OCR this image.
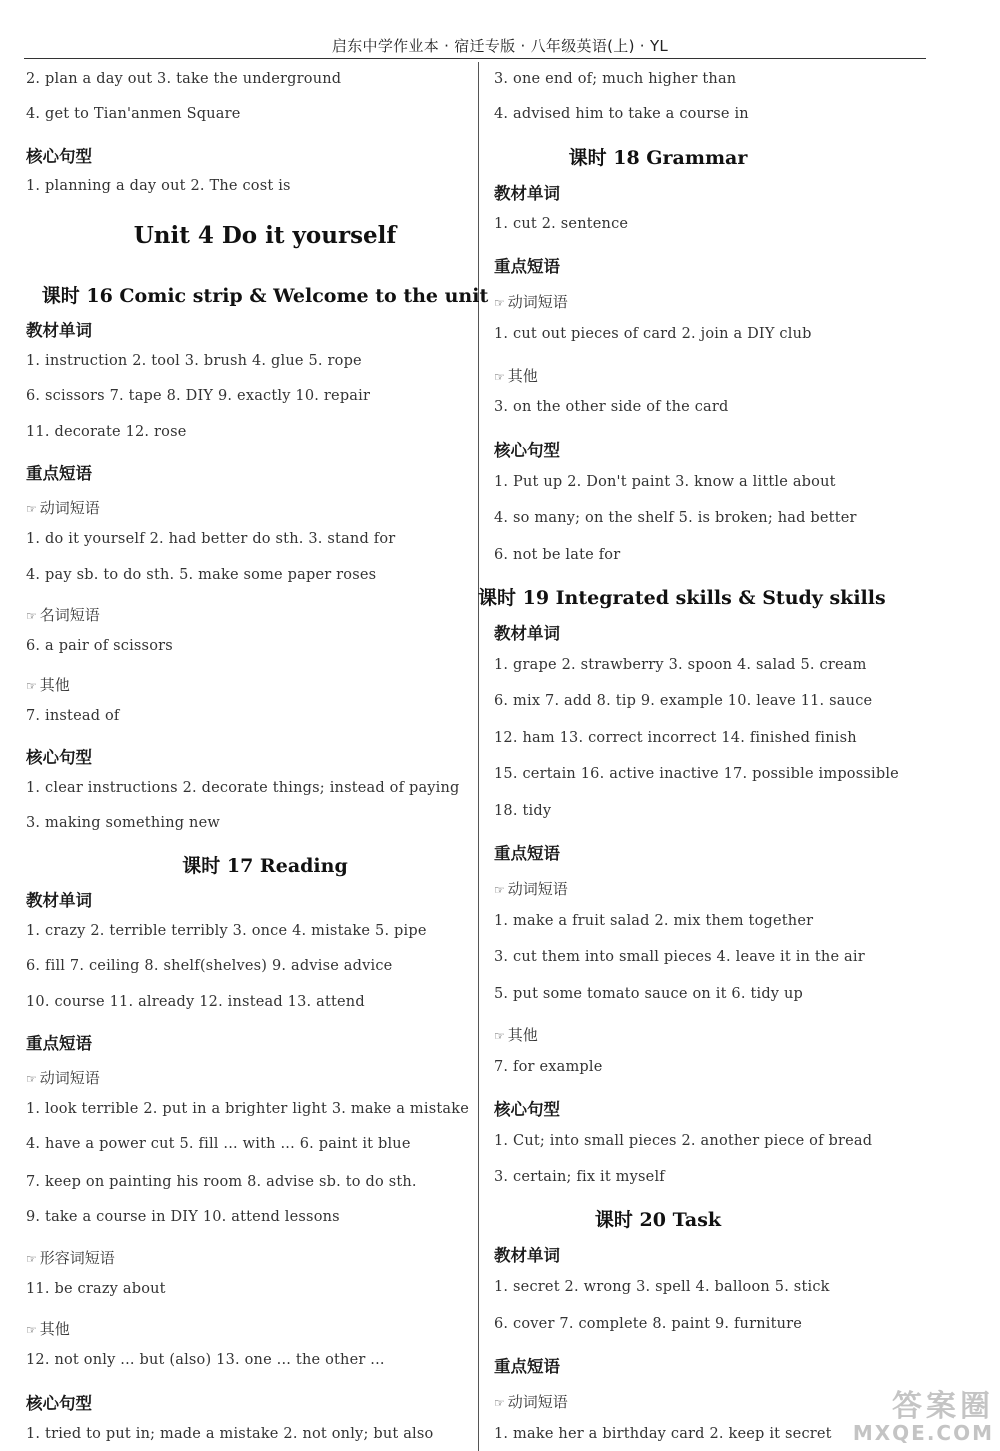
启东中学作业本 · 宿迁专版 · 八年级英语(上) · YL
2. plan a day out 3. take the underground
4. get to Tian'anmen Square
核心句型
1. planning a day out 2. The cost is
Unit 4 Do it yourself
课时 16 Comic strip & Welcome to the unit
教材单词
1. instruction 2. tool 3. brush 4. glue 5. rope
6. scissors 7. tape 8. DIY 9. exactly 10. repair
11. decorate 12. rose
重点短语
☞ 动词短语
1. do it yourself 2. had better do sth. 3. stand for
4. pay sb. to do sth. 5. make some paper roses
☞ 名词短语
6. a pair of scissors
☞ 其他
7. instead of
核心句型
1. clear instructions 2. decorate things; instead of paying
3. making something new
课时 17 Reading
教材单词
1. crazy 2. terrible terribly 3. once 4. mistake 5. pipe
6. fill 7. ceiling 8. shelf(shelves) 9. advise advice
10. course 11. already 12. instead 13. attend
重点短语
☞ 动词短语
1. look terrible 2. put in a brighter light 3. make a mistake
4. have a power cut 5. fill ... with ... 6. paint it blue
7. keep on painting his room 8. advise sb. to do sth.
9. take a course in DIY 10. attend lessons
☞ 形容词短语
11. be crazy about
☞ 其他
12. not only ... but (also) 13. one ... the other ...
核心句型
1. tried to put in; made a mistake 2. not only; but also
3. one end of; much higher than
4. advised him to take a course in
课时 18 Grammar
教材单词
1. cut 2. sentence
重点短语
☞ 动词短语
1. cut out pieces of card 2. join a DIY club
☞ 其他
3. on the other side of the card
核心句型
1. Put up 2. Don't paint 3. know a little about
4. so many; on the shelf 5. is broken; had better
6. not be late for
课时 19 Integrated skills & Study skills
教材单词
1. grape 2. strawberry 3. spoon 4. salad 5. cream
6. mix 7. add 8. tip 9. example 10. leave 11. sauce
12. ham 13. correct incorrect 14. finished finish
15. certain 16. active inactive 17. possible impossible
18. tidy
重点短语
☞ 动词短语
1. make a fruit salad 2. mix them together
3. cut them into small pieces 4. leave it in the air
5. put some tomato sauce on it 6. tidy up
☞ 其他
7. for example
核心句型
1. Cut; into small pieces 2. another piece of bread
3. certain; fix it myself
课时 20 Task
教材单词
1. secret 2. wrong 3. spell 4. balloon 5. stick
6. cover 7. complete 8. paint 9. furniture
重点短语
☞ 动词短语
1. make her a birthday card 2. keep it secret
答案圈
MXQE.COM
